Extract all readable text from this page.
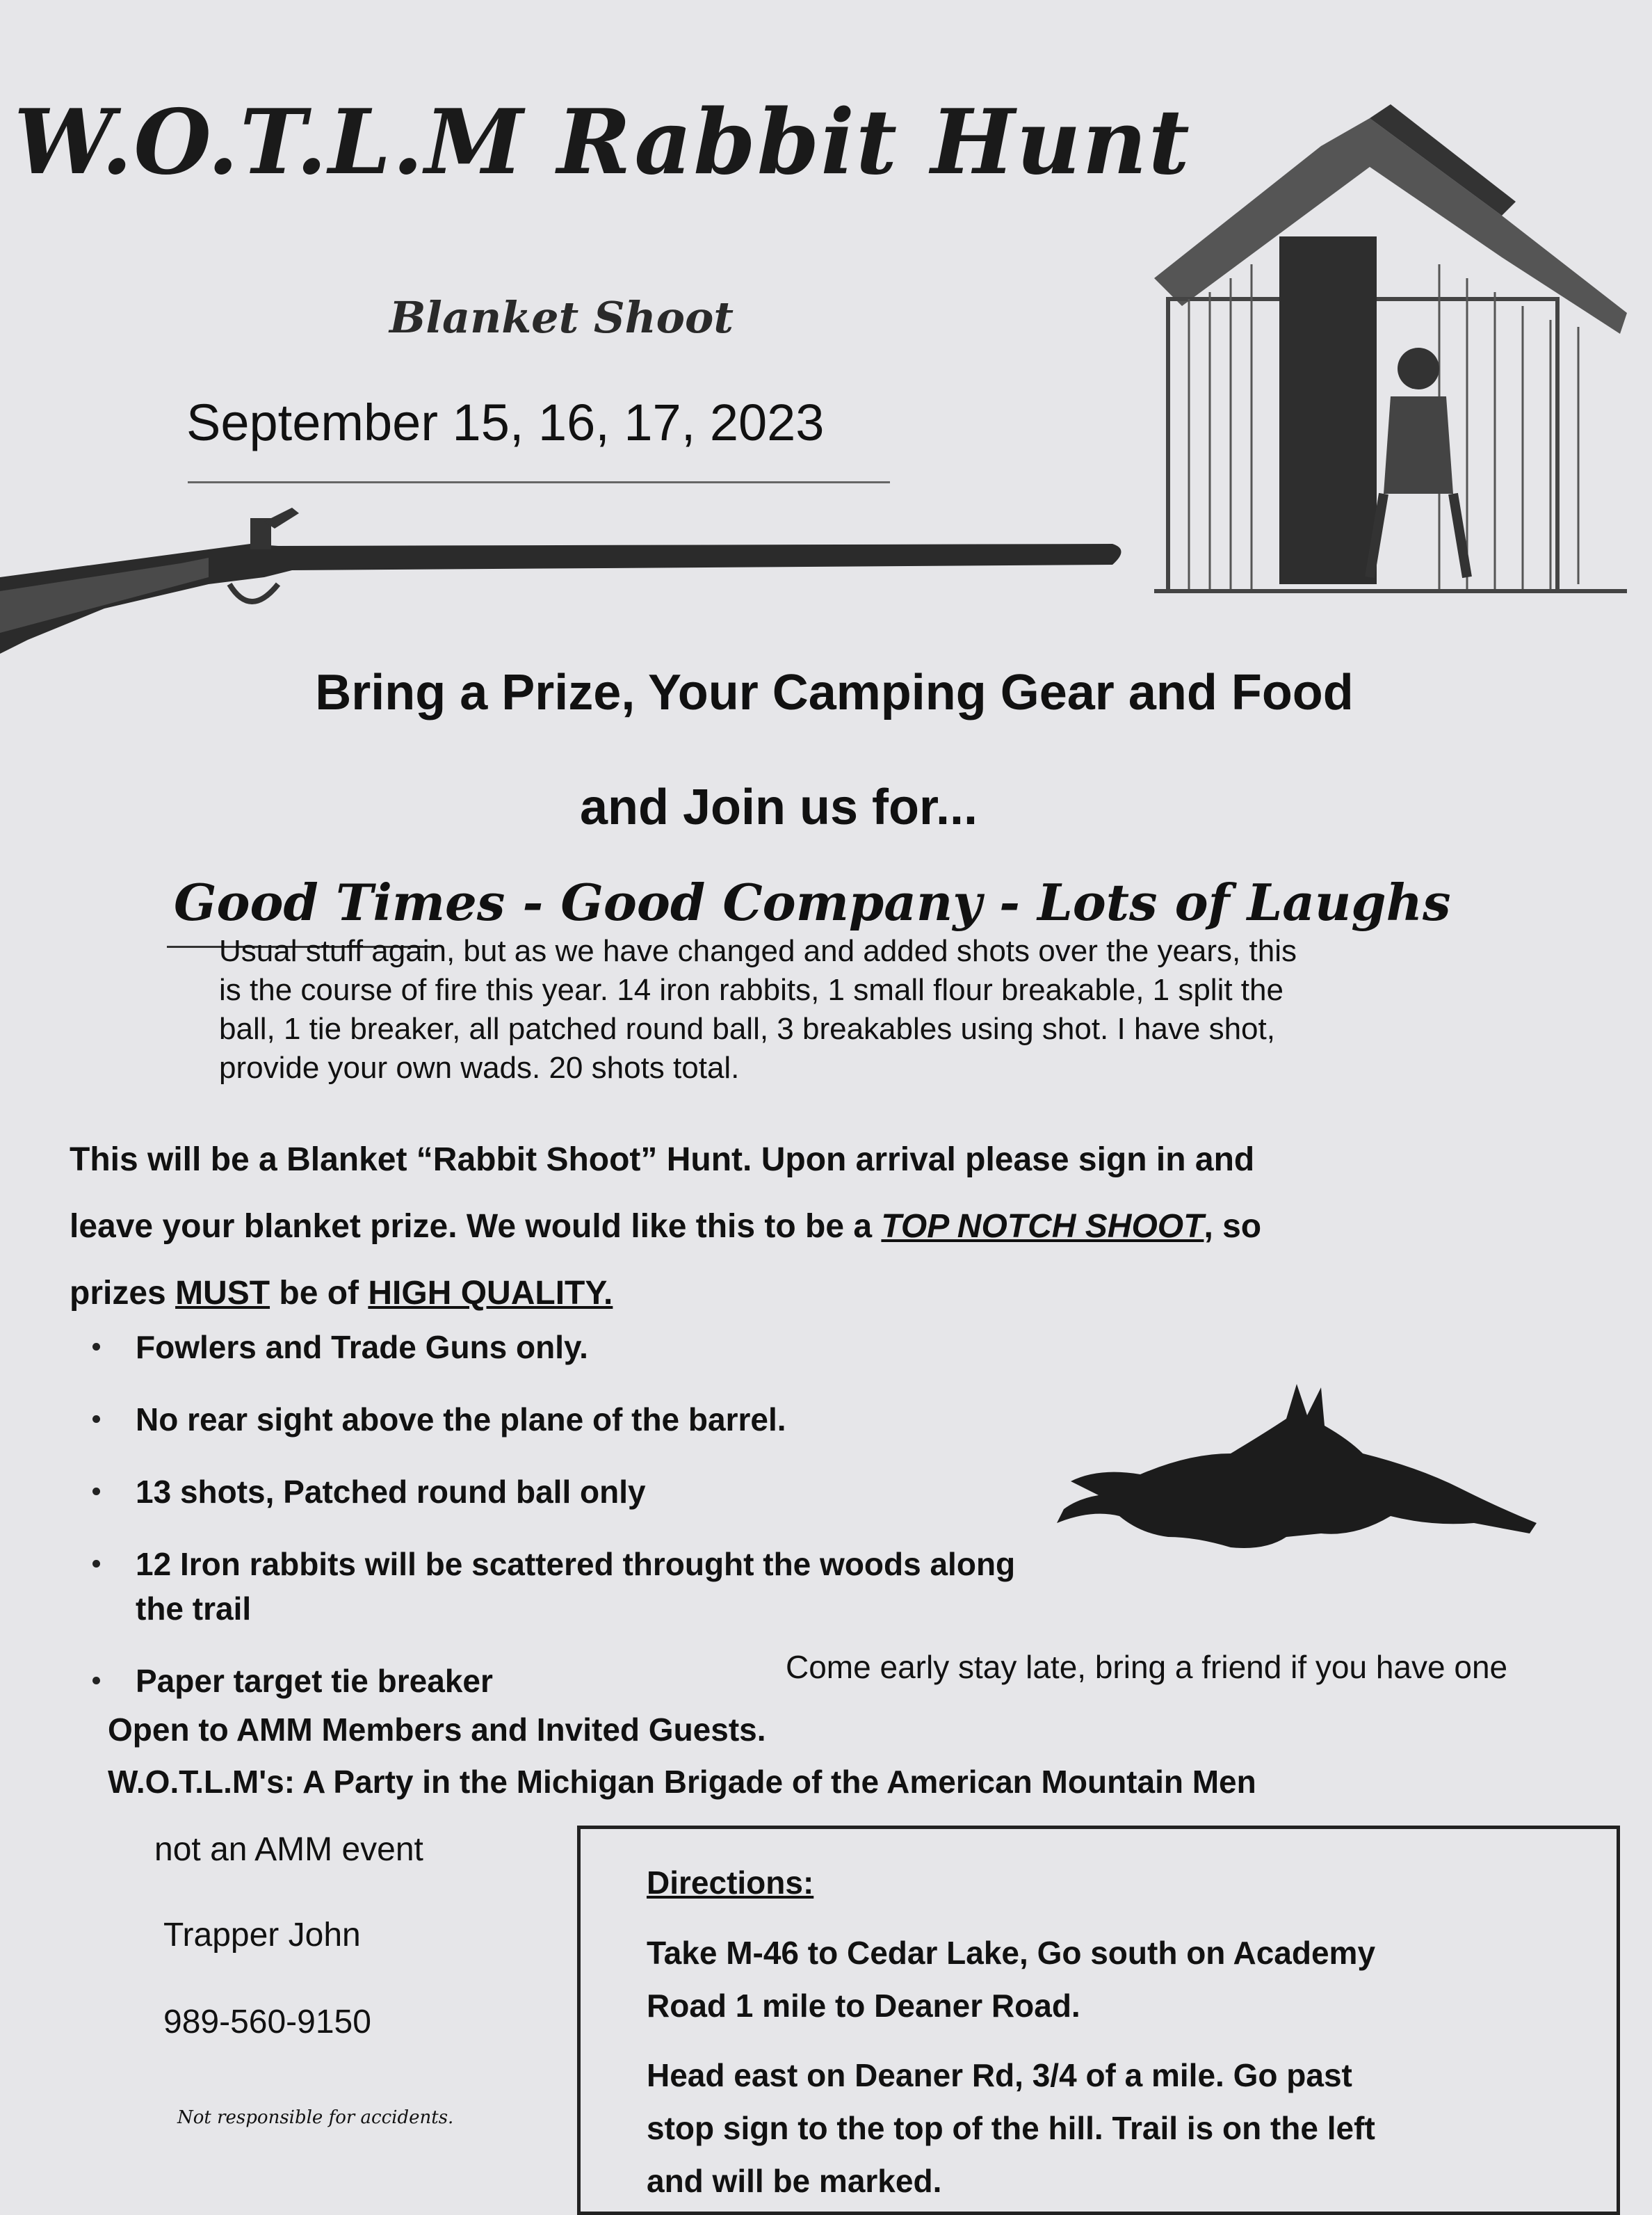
W.O.T.L.M Rabbit Hunt
Blanket Shoot
September 15, 16, 17, 2023
Bring a Prize, Your Camping Gear and Food
and Join us for...
Good Times - Good Company - Lots of Laughs
Usual stuff again, but as we have changed and added shots over the years, this
is the course of fire this year. 14 iron rabbits, 1 small flour breakable, 1 split the
ball, 1 tie breaker, all patched round ball, 3 breakables using shot. I have shot,
provide your own wads. 20 shots total.
This will be a Blanket “Rabbit Shoot” Hunt. Upon arrival please sign in and
leave your blanket prize. We would like this to be a TOP NOTCH SHOOT, so
prizes MUST be of HIGH QUALITY.
Fowlers and Trade Guns only.
No rear sight above the plane of the barrel.
13 shots, Patched round ball only
12 Iron rabbits will be scattered throught the woods along the trail
Paper target tie breaker	Come early stay late, bring a friend if you have one
Open to AMM Members and Invited Guests.
W.O.T.L.M's: A Party in the Michigan Brigade of the American Mountain Men
not an AMM event
Trapper John
989-560-9150
Not responsible for accidents.
Directions:
Take M-46 to Cedar Lake, Go south on Academy
Road 1 mile to Deaner Road.
Head east on Deaner Rd, 3/4 of a mile. Go past
stop sign to the top of the hill. Trail is on the left
and will be marked.
